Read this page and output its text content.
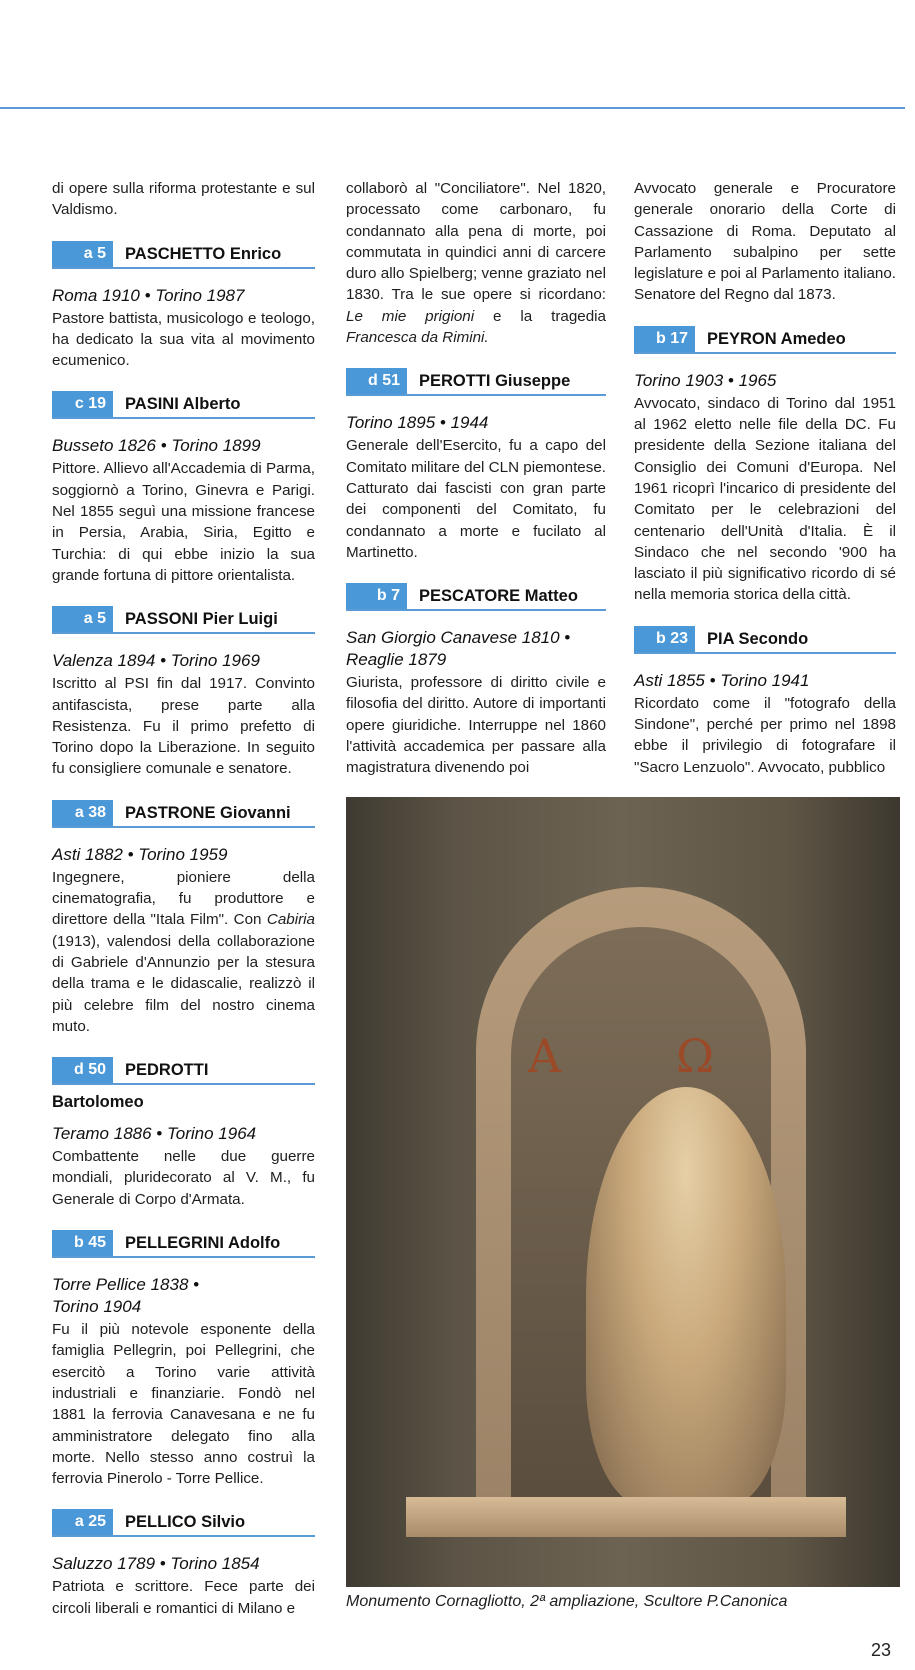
di opere sulla riforma protestante e sul Valdismo.

a 5	PASCHETTO Enrico
Roma 1910 • Torino 1987

Pastore battista, musicologo e teologo, ha dedicato la sua vita al movimento ecumenico.

c 19	PASINI Alberto
Busseto 1826 • Torino 1899

Pittore. Allievo all'Accademia di Parma, soggiornò a Torino, Ginevra e Parigi. Nel 1855 seguì una missione francese in Persia, Arabia, Siria, Egitto e Turchia: di qui ebbe inizio la sua grande fortuna di pittore orientalista.

a 5	PASSONI Pier Luigi
Valenza 1894 • Torino 1969

Iscritto al PSI fin dal 1917. Convinto antifascista, prese parte alla Resistenza. Fu il primo prefetto di Torino dopo la Liberazione. In seguito fu consigliere comunale e senatore.

a 38	PASTRONE Giovanni
Asti 1882 • Torino 1959

Ingegnere, pioniere della cinematografia, fu produttore e direttore della "Itala Film". Con Cabiria (1913), valendosi della collaborazione di Gabriele d'Annunzio per la stesura della trama e le didascalie, realizzò il più celebre film del nostro cinema muto.

d 50	PEDROTTI
Bartolomeo
Teramo 1886 • Torino 1964

Combattente nelle due guerre mondiali, pluridecorato al V. M., fu Generale di Corpo d'Armata.

b 45	PELLEGRINI Adolfo
Torre Pellice 1838 • Torino 1904

Fu il più notevole esponente della famiglia Pellegrin, poi Pellegrini, che esercitò a Torino varie attività industriali e finanziarie. Fondò nel 1881 la ferrovia Canavesana e ne fu amministratore delegato fino alla morte. Nello stesso anno costruì la ferrovia Pinerolo - Torre Pellice.

a 25	PELLICO Silvio
Saluzzo 1789 • Torino 1854

Patriota e scrittore. Fece parte dei circoli liberali e romantici di Milano e

collaborò al "Conciliatore". Nel 1820, processato come carbonaro, fu condannato alla pena di morte, poi commutata in quindici anni di carcere duro allo Spielberg; venne graziato nel 1830. Tra le sue opere si ricordano: Le mie prigioni e la tragedia Francesca da Rimini.

d 51	PEROTTI Giuseppe
Torino 1895 • 1944

Generale dell'Esercito, fu a capo del Comitato militare del CLN piemontese. Catturato dai fascisti con gran parte dei componenti del Comitato, fu condannato a morte e fucilato al Martinetto.

b 7	PESCATORE Matteo
San Giorgio Canavese 1810 • Reaglie 1879

Giurista, professore di diritto civile e filosofia del diritto. Autore di importanti opere giuridiche. Interruppe nel 1860 l'attività accademica per passare alla magistratura divenendo poi

Avvocato generale e Procuratore generale onorario della Corte di Cassazione di Roma. Deputato al Parlamento subalpino per sette legislature e poi al Parlamento italiano. Senatore del Regno dal 1873.

b 17	PEYRON Amedeo
Torino 1903 • 1965

Avvocato, sindaco di Torino dal 1951 al 1962 eletto nelle file della DC. Fu presidente della Sezione italiana del Consiglio dei Comuni d'Europa. Nel 1961 ricoprì l'incarico di presidente del Comitato per le celebrazioni del centenario dell'Unità d'Italia. È il Sindaco che nel secondo '900 ha lasciato il più significativo ricordo di sé nella memoria storica della città.

b 23	PIA Secondo
Asti 1855 • Torino 1941

Ricordato come il "fotografo della Sindone", perché per primo nel 1898 ebbe il privilegio di fotografare il "Sacro Lenzuolo". Avvocato, pubblico

A Ω
Monumento Cornagliotto, 2ª ampliazione, Scultore P.Canonica
23
